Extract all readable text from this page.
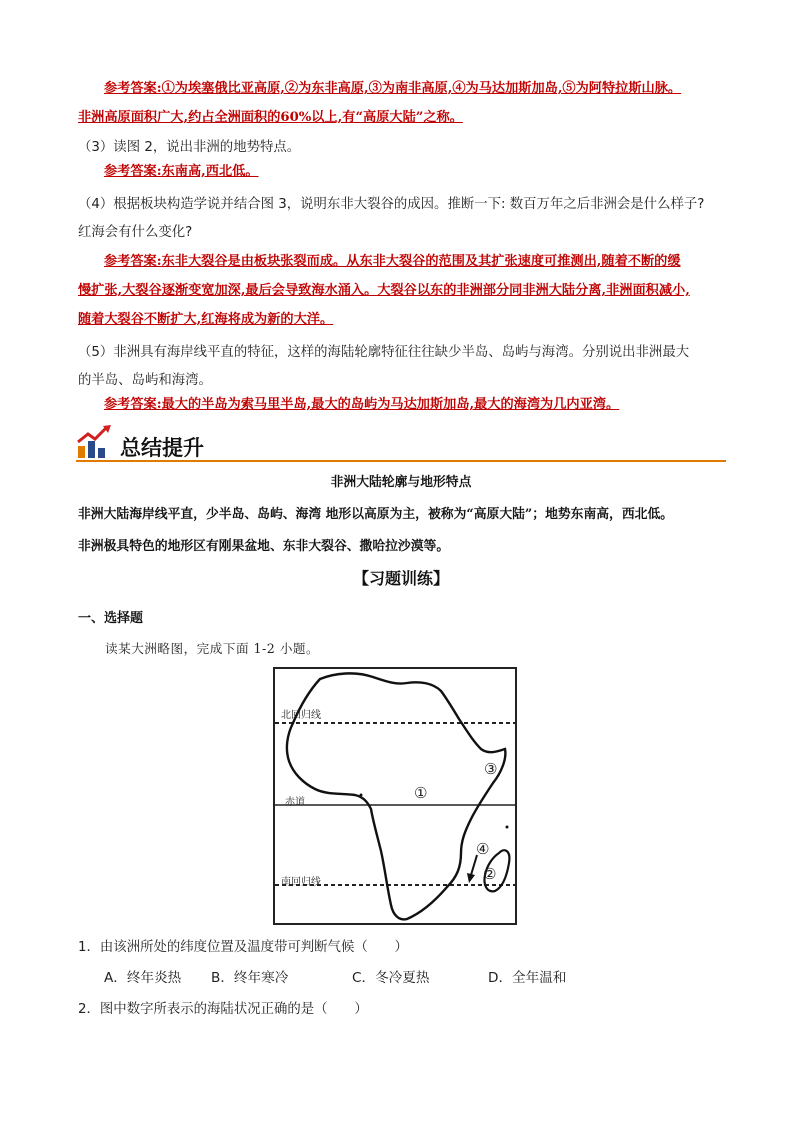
参考答案:①为埃塞俄比亚高原,②为东非高原,③为南非高原,④为马达加斯加岛,⑤为阿特拉斯山脉。
非洲高原面积广大,约占全洲面积的60%以上,有“高原大陆”之称。
（3）读图 2，说出非洲的地势特点。
参考答案:东南高,西北低。
（4）根据板块构造学说并结合图 3，说明东非大裂谷的成因。推断一下: 数百万年之后非洲会是什么样子?
红海会有什么变化?
参考答案:东非大裂谷是由板块张裂而成。从东非大裂谷的范围及其扩张速度可推测出,随着不断的缓
慢扩张,大裂谷逐渐变宽加深,最后会导致海水涌入。大裂谷以东的非洲部分同非洲大陆分离,非洲面积减小,
随着大裂谷不断扩大,红海将成为新的大洋。
（5）非洲具有海岸线平直的特征，这样的海陆轮廓特征往往缺少半岛、岛屿与海湾。分别说出非洲最大
的半岛、岛屿和海湾。
参考答案:最大的半岛为索马里半岛,最大的岛屿为马达加斯加岛,最大的海湾为几内亚湾。
总结提升
非洲大陆轮廓与地形特点
非洲大陆海岸线平直，少半岛、岛屿、海湾 地形以高原为主，被称为“高原大陆”；地势东南高，西北低。
非洲极具特色的地形区有刚果盆地、东非大裂谷、撒哈拉沙漠等。
【习题训练】
一、选择题
读某大洲略图，完成下面 1-2 小题。
北回归线
赤道
南回归线
①
②
③
④
1．由该洲所处的纬度位置及温度带可判断气候（　　）
A．终年炎热	B．终年寒冷	C．冬冷夏热	D．全年温和
2．图中数字所表示的海陆状况正确的是（　　）
